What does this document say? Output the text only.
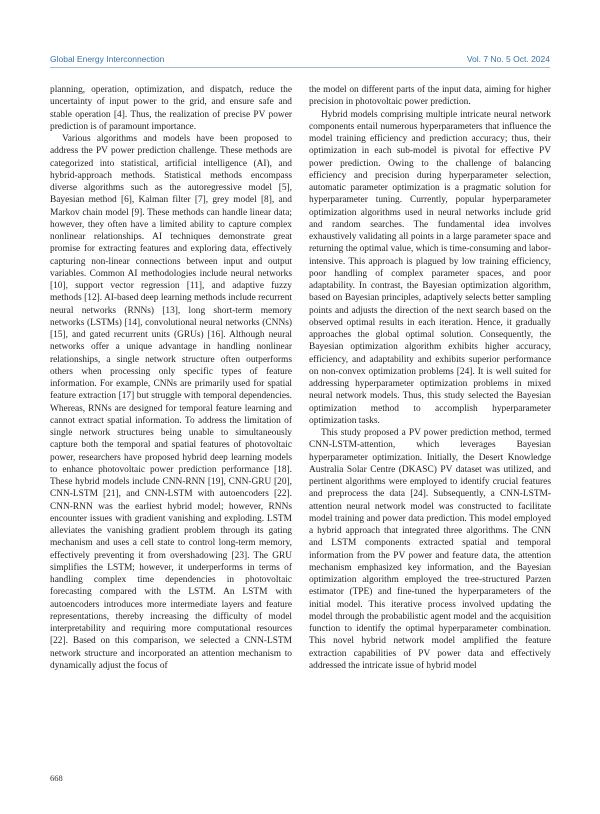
Global Energy Interconnection	Vol. 7 No. 5 Oct. 2024

planning, operation, optimization, and dispatch, reduce the uncertainty of input power to the grid, and ensure safe and stable operation [4]. Thus, the realization of precise PV power prediction is of paramount importance.

Various algorithms and models have been proposed to address the PV power prediction challenge. These methods are categorized into statistical, artificial intelligence (AI), and hybrid-approach methods. Statistical methods encompass diverse algorithms such as the autoregressive model [5], Bayesian method [6], Kalman filter [7], grey model [8], and Markov chain model [9]. These methods can handle linear data; however, they often have a limited ability to capture complex nonlinear relationships. AI techniques demonstrate great promise for extracting features and exploring data, effectively capturing non-linear connections between input and output variables. Common AI methodologies include neural networks [10], support vector regression [11], and adaptive fuzzy methods [12]. AI-based deep learning methods include recurrent neural networks (RNNs) [13], long short-term memory networks (LSTMs) [14], convolutional neural networks (CNNs) [15], and gated recurrent units (GRUs) [16]. Although neural networks offer a unique advantage in handling nonlinear relationships, a single network structure often outperforms others when processing only specific types of feature information. For example, CNNs are primarily used for spatial feature extraction [17] but struggle with temporal dependencies. Whereas, RNNs are designed for temporal feature learning and cannot extract spatial information. To address the limitation of single network structures being unable to simultaneously capture both the temporal and spatial features of photovoltaic power, researchers have proposed hybrid deep learning models to enhance photovoltaic power prediction performance [18]. These hybrid models include CNN-RNN [19], CNN-GRU [20], CNN-LSTM [21], and CNN-LSTM with autoencoders [22]. CNN-RNN was the earliest hybrid model; however, RNNs encounter issues with gradient vanishing and exploding. LSTM alleviates the vanishing gradient problem through its gating mechanism and uses a cell state to control long-term memory, effectively preventing it from overshadowing [23]. The GRU simplifies the LSTM; however, it underperforms in terms of handling complex time dependencies in photovoltaic forecasting compared with the LSTM. An LSTM with autoencoders introduces more intermediate layers and feature representations, thereby increasing the difficulty of model interpretability and requiring more computational resources [22]. Based on this comparison, we selected a CNN-LSTM network structure and incorporated an attention mechanism to dynamically adjust the focus of

the model on different parts of the input data, aiming for higher precision in photovoltaic power prediction.

Hybrid models comprising multiple intricate neural network components entail numerous hyperparameters that influence the model training efficiency and prediction accuracy; thus, their optimization in each sub-model is pivotal for effective PV power prediction. Owing to the challenge of balancing efficiency and precision during hyperparameter selection, automatic parameter optimization is a pragmatic solution for hyperparameter tuning. Currently, popular hyperparameter optimization algorithms used in neural networks include grid and random searches. The fundamental idea involves exhaustively validating all points in a large parameter space and returning the optimal value, which is time-consuming and labor-intensive. This approach is plagued by low training efficiency, poor handling of complex parameter spaces, and poor adaptability. In contrast, the Bayesian optimization algorithm, based on Bayesian principles, adaptively selects better sampling points and adjusts the direction of the next search based on the observed optimal results in each iteration. Hence, it gradually approaches the global optimal solution. Consequently, the Bayesian optimization algorithm exhibits higher accuracy, efficiency, and adaptability and exhibits superior performance on non-convex optimization problems [24]. It is well suited for addressing hyperparameter optimization problems in mixed neural network models. Thus, this study selected the Bayesian optimization method to accomplish hyperparameter optimization tasks.

This study proposed a PV power prediction method, termed CNN-LSTM-attention, which leverages Bayesian hyperparameter optimization. Initially, the Desert Knowledge Australia Solar Centre (DKASC) PV dataset was utilized, and pertinent algorithms were employed to identify crucial features and preprocess the data [24]. Subsequently, a CNN-LSTM-attention neural network model was constructed to facilitate model training and power data prediction. This model employed a hybrid approach that integrated three algorithms. The CNN and LSTM components extracted spatial and temporal information from the PV power and feature data, the attention mechanism emphasized key information, and the Bayesian optimization algorithm employed the tree-structured Parzen estimator (TPE) and fine-tuned the hyperparameters of the initial model. This iterative process involved updating the model through the probabilistic agent model and the acquisition function to identify the optimal hyperparameter combination. This novel hybrid network model amplified the feature extraction capabilities of PV power data and effectively addressed the intricate issue of hybrid model

668
